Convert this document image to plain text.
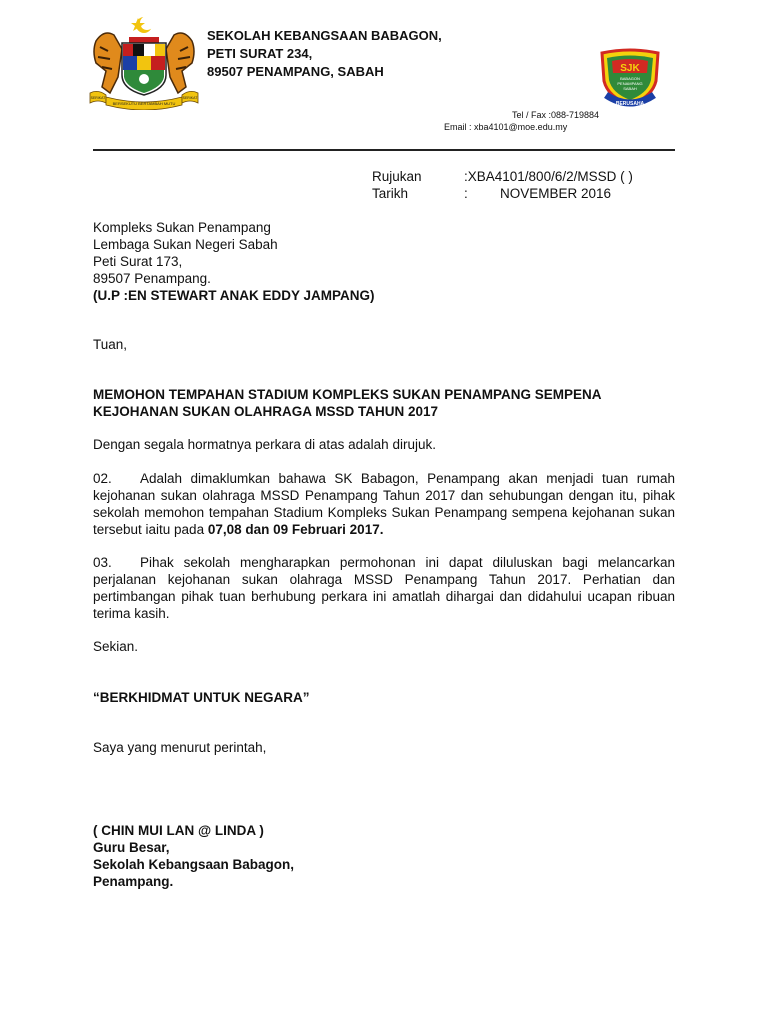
SERIKAT
BERSEKUTU BERTAMBAH MUTU
SERIKAT
SEKOLAH KEBANGSAAN BABAGON,
PETI SURAT 234,
89507 PENAMPANG, SABAH
Tel / Fax :088-719884
Email : xba4101@moe.edu.my
SJK
BABAGON
PENAMPANG
SABAH
BERUSAHA
Rujukan	:XBA4101/800/6/2/MSSD ( )
Tarikh	: NOVEMBER 2016
Kompleks Sukan Penampang
Lembaga Sukan Negeri Sabah
Peti Surat 173,
89507 Penampang.
(U.P :EN STEWART ANAK EDDY JAMPANG)
Tuan,
MEMOHON TEMPAHAN STADIUM KOMPLEKS SUKAN PENAMPANG SEMPENA KEJOHANAN SUKAN OLAHRAGA MSSD TAHUN 2017
Dengan segala hormatnya perkara di atas adalah dirujuk.
02. Adalah dimaklumkan bahawa SK Babagon, Penampang akan menjadi tuan rumah kejohanan sukan olahraga MSSD Penampang Tahun 2017 dan sehubungan dengan itu, pihak sekolah memohon tempahan Stadium Kompleks Sukan Penampang sempena kejohanan sukan tersebut iaitu pada 07,08 dan 09 Februari 2017.
03. Pihak sekolah mengharapkan permohonan ini dapat diluluskan bagi melancarkan perjalanan kejohanan sukan olahraga MSSD Penampang Tahun 2017. Perhatian dan pertimbangan pihak tuan berhubung perkara ini amatlah dihargai dan didahului ucapan ribuan terima kasih.
Sekian.
“BERKHIDMAT UNTUK NEGARA”
Saya yang menurut perintah,
( CHIN MUI LAN @ LINDA )
Guru Besar,
Sekolah Kebangsaan Babagon,
Penampang.
